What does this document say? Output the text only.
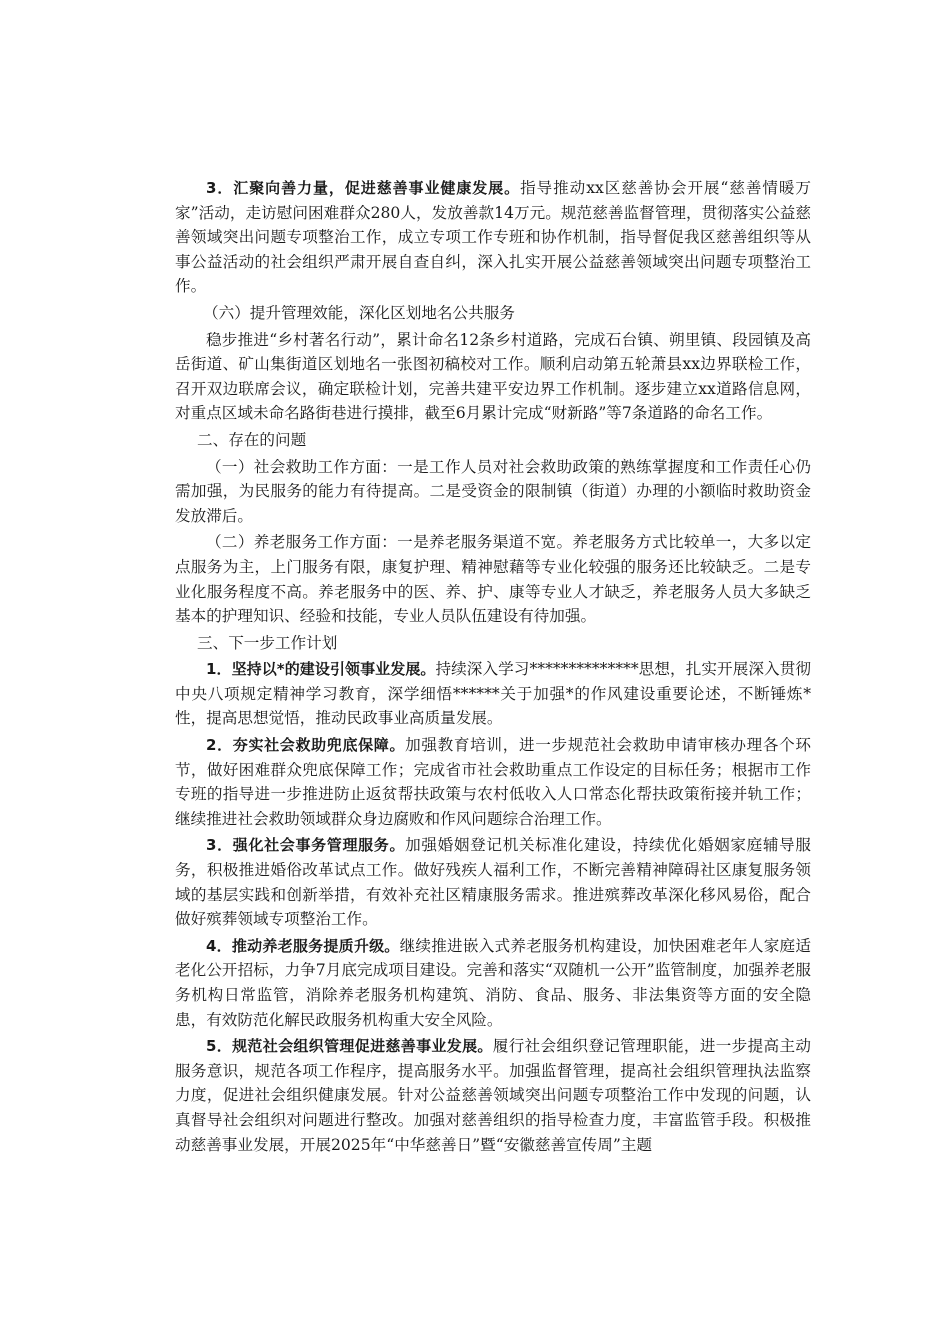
3．汇聚向善力量，促进慈善事业健康发展。指导推动xx区慈善协会开展“慈善情暖万家”活动，走访慰问困难群众280人，发放善款14万元。规范慈善监督管理，贯彻落实公益慈善领域突出问题专项整治工作，成立专项工作专班和协作机制，指导督促我区慈善组织等从事公益活动的社会组织严肃开展自查自纠，深入扎实开展公益慈善领域突出问题专项整治工作。

（六）提升管理效能，深化区划地名公共服务

稳步推进“乡村著名行动”，累计命名12条乡村道路，完成石台镇、朔里镇、段园镇及高岳街道、矿山集街道区划地名一张图初稿校对工作。顺利启动第五轮萧县xx边界联检工作，召开双边联席会议，确定联检计划，完善共建平安边界工作机制。逐步建立xx道路信息网，对重点区域未命名路街巷进行摸排，截至6月累计完成“财新路”等7条道路的命名工作。

二、存在的问题

（一）社会救助工作方面：一是工作人员对社会救助政策的熟练掌握度和工作责任心仍需加强，为民服务的能力有待提高。二是受资金的限制镇（街道）办理的小额临时救助资金发放滞后。

（二）养老服务工作方面：一是养老服务渠道不宽。养老服务方式比较单一，大多以定点服务为主，上门服务有限，康复护理、精神慰藉等专业化较强的服务还比较缺乏。二是专业化服务程度不高。养老服务中的医、养、护、康等专业人才缺乏，养老服务人员大多缺乏基本的护理知识、经验和技能，专业人员队伍建设有待加强。

三、下一步工作计划

1．坚持以*的建设引领事业发展。持续深入学习**************思想，扎实开展深入贯彻中央八项规定精神学习教育，深学细悟******关于加强*的作风建设重要论述，不断锤炼*性，提高思想觉悟，推动民政事业高质量发展。

2．夯实社会救助兜底保障。加强教育培训，进一步规范社会救助申请审核办理各个环节，做好困难群众兜底保障工作；完成省市社会救助重点工作设定的目标任务；根据市工作专班的指导进一步推进防止返贫帮扶政策与农村低收入人口常态化帮扶政策衔接并轨工作；继续推进社会救助领域群众身边腐败和作风问题综合治理工作。

3．强化社会事务管理服务。加强婚姻登记机关标准化建设，持续优化婚姻家庭辅导服务，积极推进婚俗改革试点工作。做好残疾人福利工作，不断完善精神障碍社区康复服务领域的基层实践和创新举措，有效补充社区精康服务需求。推进殡葬改革深化移风易俗，配合做好殡葬领域专项整治工作。

4．推动养老服务提质升级。继续推进嵌入式养老服务机构建设，加快困难老年人家庭适老化公开招标，力争7月底完成项目建设。完善和落实“双随机一公开”监管制度，加强养老服务机构日常监管，消除养老服务机构建筑、消防、食品、服务、非法集资等方面的安全隐患，有效防范化解民政服务机构重大安全风险。

5．规范社会组织管理促进慈善事业发展。履行社会组织登记管理职能，进一步提高主动服务意识，规范各项工作程序，提高服务水平。加强监督管理，提高社会组织管理执法监察力度，促进社会组织健康发展。针对公益慈善领域突出问题专项整治工作中发现的问题，认真督导社会组织对问题进行整改。加强对慈善组织的指导检查力度，丰富监管手段。积极推动慈善事业发展，开展2025年“中华慈善日”暨“安徽慈善宣传周”主题
